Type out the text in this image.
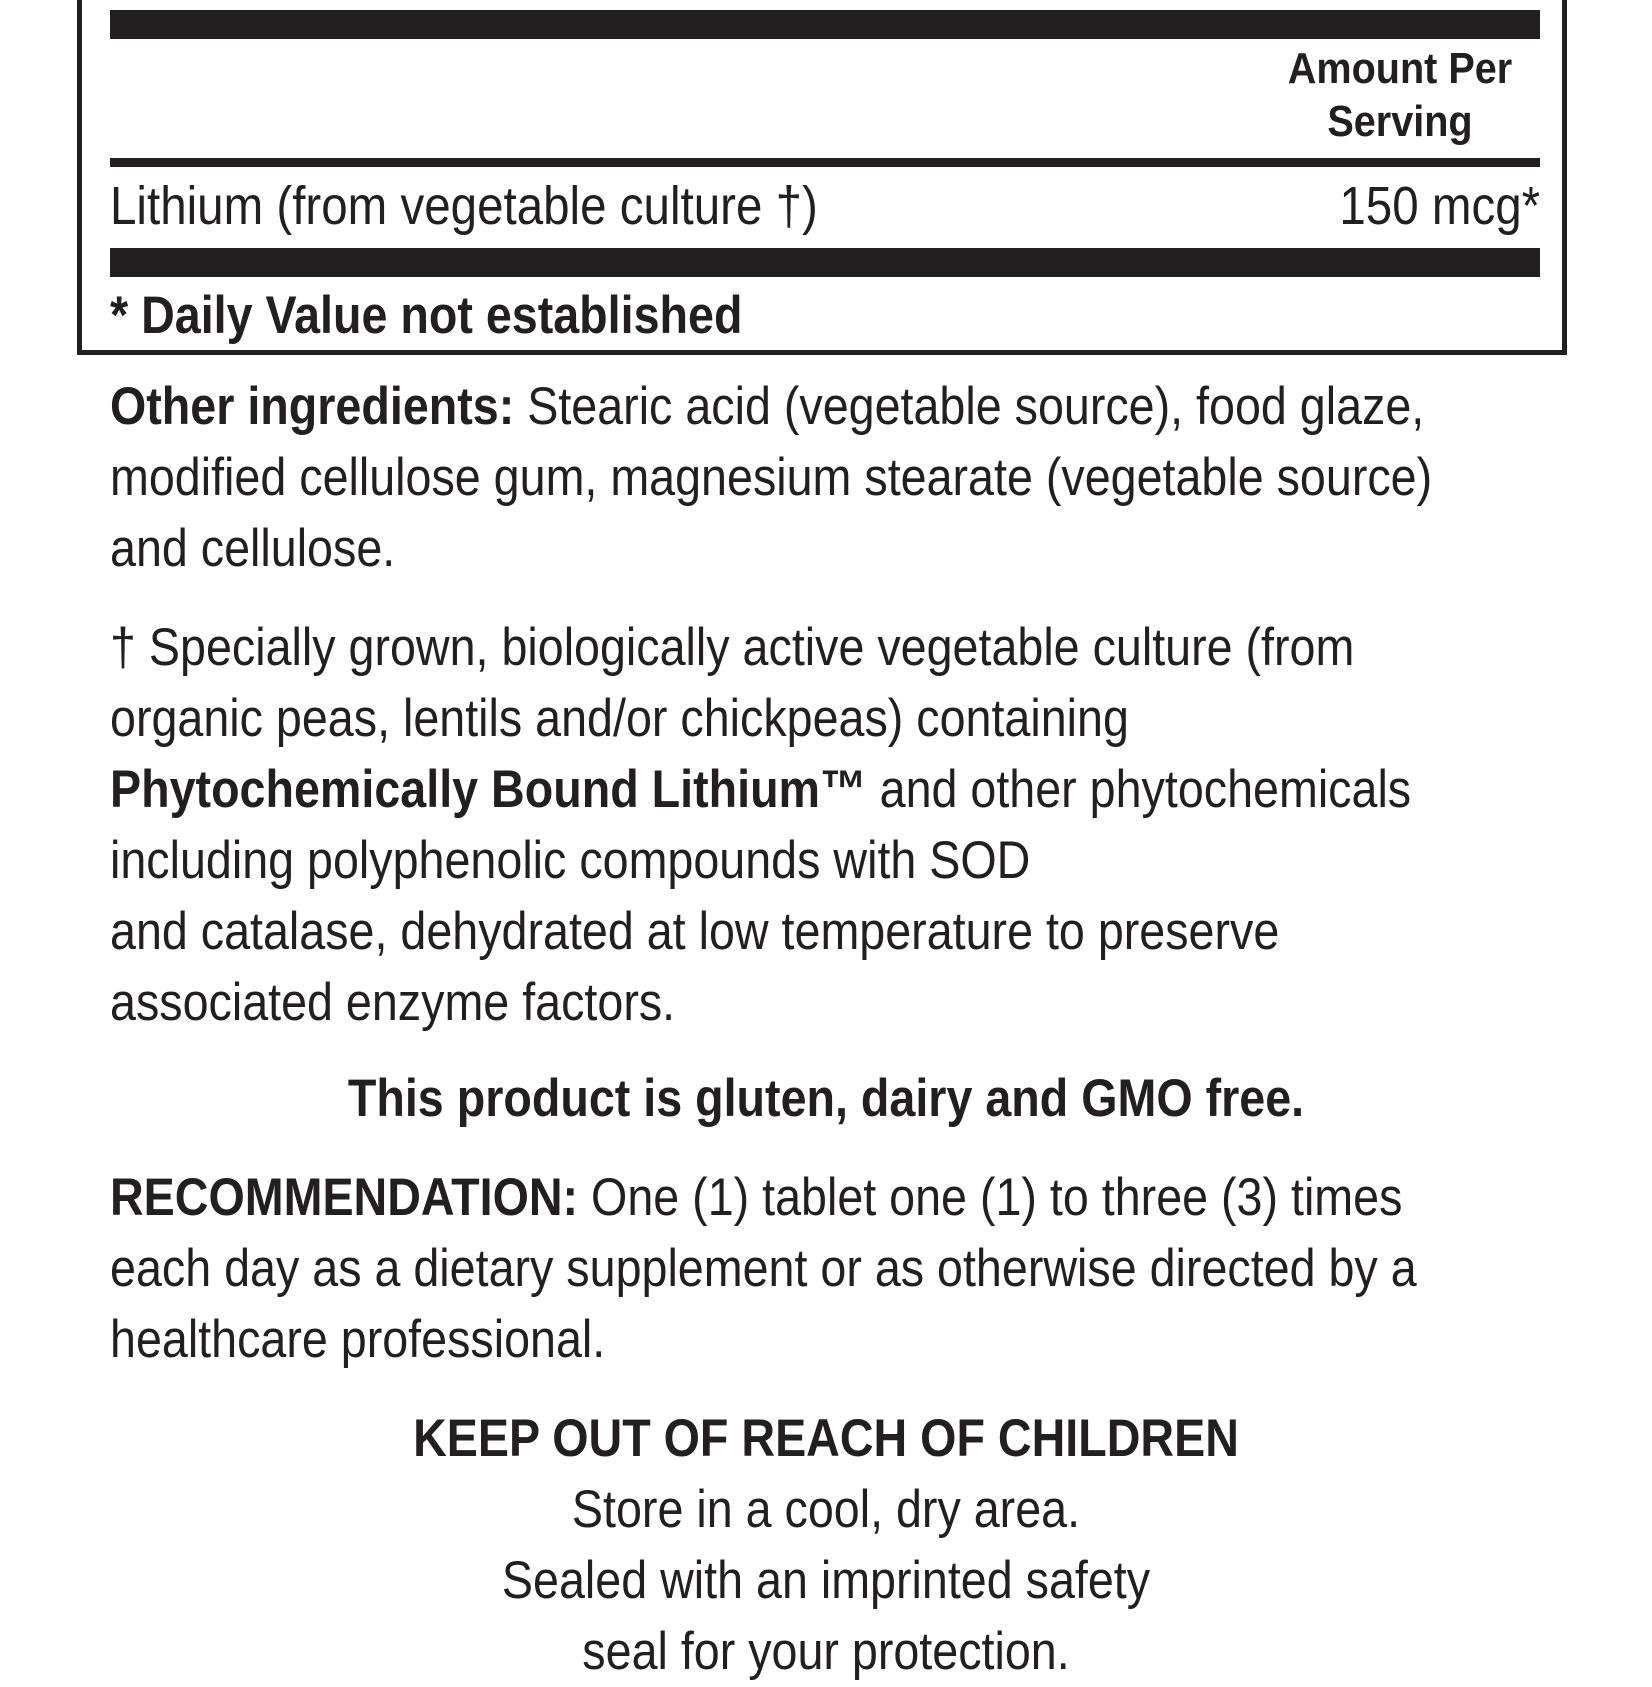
Amount Per
Serving
Lithium (from vegetable culture †)	150 mcg*
* Daily Value not established
Other ingredients: Stearic acid (vegetable source), food glaze,
modified cellulose gum, magnesium stearate (vegetable source)
and cellulose.
† Specially grown, biologically active vegetable culture (from
organic peas, lentils and/or chickpeas) containing
Phytochemically Bound Lithium™ and other phytochemicals
including polyphenolic compounds with SOD
and catalase, dehydrated at low temperature to preserve
associated enzyme factors.
This product is gluten, dairy and GMO free.
RECOMMENDATION: One (1) tablet one (1) to three (3) times
each day as a dietary supplement or as otherwise directed by a
healthcare professional.
KEEP OUT OF REACH OF CHILDREN
Store in a cool, dry area.
Sealed with an imprinted safety
seal for your protection.
